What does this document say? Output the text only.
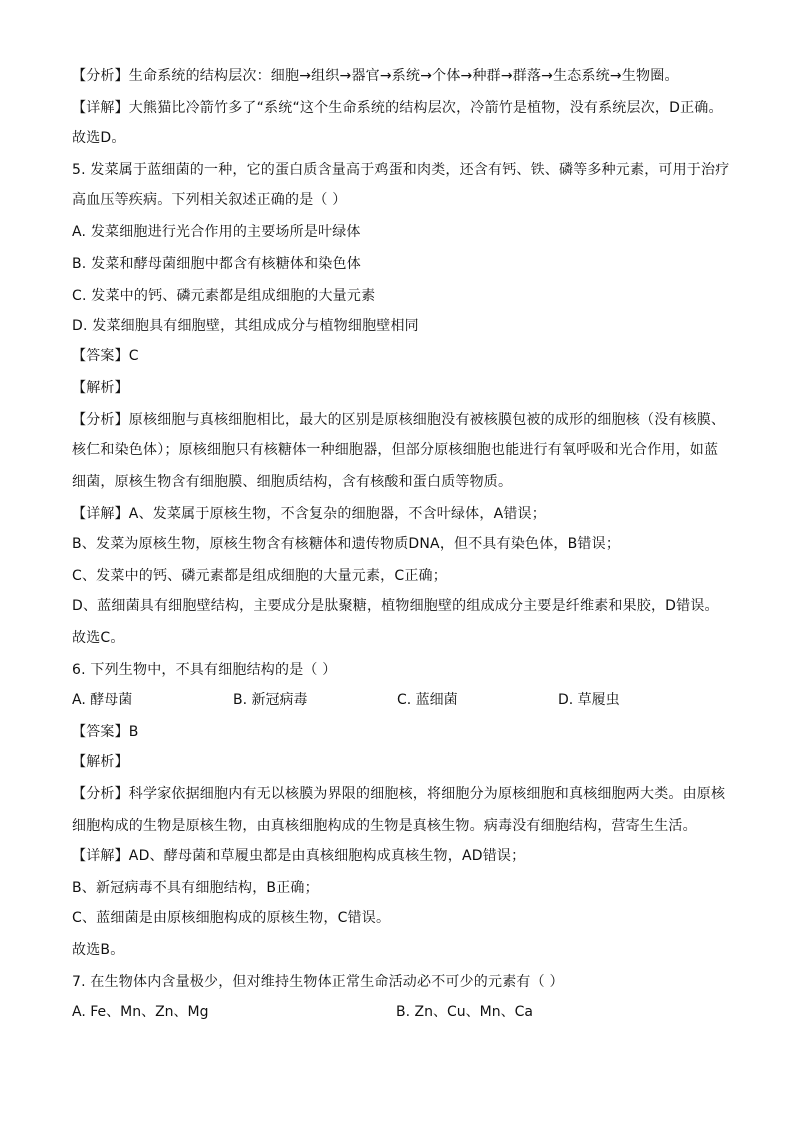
【分析】生命系统的结构层次：细胞→组织→器官→系统→个体→种群→群落→生态系统→生物圈。
【详解】大熊猫比冷箭竹多了“系统“这个生命系统的结构层次，冷箭竹是植物，没有系统层次，D正确。
故选D。
5. 发菜属于蓝细菌的一种，它的蛋白质含量高于鸡蛋和肉类，还含有钙、铁、磷等多种元素，可用于治疗
高血压等疾病。下列相关叙述正确的是（ ）
A. 发菜细胞进行光合作用的主要场所是叶绿体
B. 发菜和酵母菌细胞中都含有核糖体和染色体
C. 发菜中的钙、磷元素都是组成细胞的大量元素
D. 发菜细胞具有细胞壁，其组成成分与植物细胞壁相同
【答案】C
【解析】
【分析】原核细胞与真核细胞相比，最大的区别是原核细胞没有被核膜包被的成形的细胞核（没有核膜、
核仁和染色体）；原核细胞只有核糖体一种细胞器，但部分原核细胞也能进行有氧呼吸和光合作用，如蓝
细菌，原核生物含有细胞膜、细胞质结构，含有核酸和蛋白质等物质。
【详解】A、发菜属于原核生物，不含复杂的细胞器，不含叶绿体，A错误；
B、发菜为原核生物，原核生物含有核糖体和遗传物质DNA，但不具有染色体，B错误；
C、发菜中的钙、磷元素都是组成细胞的大量元素，C正确；
D、蓝细菌具有细胞壁结构，主要成分是肽聚糖，植物细胞壁的组成成分主要是纤维素和果胶，D错误。
故选C。
6. 下列生物中，不具有细胞结构的是（ ）
A. 酵母菌	B. 新冠病毒	C. 蓝细菌	D. 草履虫
【答案】B
【解析】
【分析】科学家依据细胞内有无以核膜为界限的细胞核，将细胞分为原核细胞和真核细胞两大类。由原核
细胞构成的生物是原核生物，由真核细胞构成的生物是真核生物。病毒没有细胞结构，营寄生生活。
【详解】AD、酵母菌和草履虫都是由真核细胞构成真核生物，AD错误；
B、新冠病毒不具有细胞结构，B正确；
C、蓝细菌是由原核细胞构成的原核生物，C错误。
故选B。
7. 在生物体内含量极少，但对维持生物体正常生命活动必不可少的元素有（ ）
A. Fe、Mn、Zn、Mg	B. Zn、Cu、Mn、Ca
